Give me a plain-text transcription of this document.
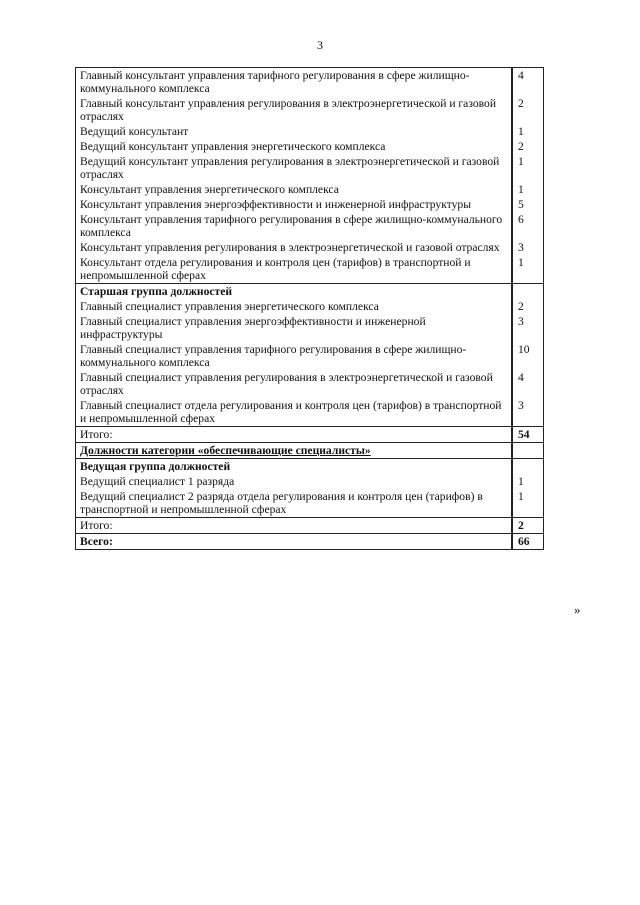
3
Главный консультант управления тарифного регулирования в сфере жилищно-коммунального комплекса	4
Главный консультант управления регулирования в электроэнергетической и газовой отраслях	2
Ведущий консультант	1
Ведущий консультант управления энергетического комплекса	2
Ведущий консультант управления регулирования в электроэнергетической и газовой отраслях	1
Консультант управления энергетического комплекса	1
Консультант управления энергоэффективности и инженерной инфраструктуры	5
Консультант управления тарифного регулирования в сфере жилищно-коммунального комплекса	6
Консультант управления регулирования в электроэнергетической и газовой отраслях	3
Консультант отдела регулирования и контроля цен (тарифов) в транспортной и непромышленной сферах	1
Старшая группа должностей	
Главный специалист управления энергетического комплекса	2
Главный специалист управления энергоэффективности и инженерной инфраструктуры	3
Главный специалист управления тарифного регулирования в сфере жилищно-коммунального комплекса	10
Главный специалист управления регулирования в электроэнергетической и газовой отраслях	4
Главный специалист отдела регулирования и контроля цен (тарифов) в транспортной и непромышленной сферах	3
Итого:	54
Должности категории «обеспечивающие специалисты»	
Ведущая группа должностей	
Ведущий специалист 1 разряда	1
Ведущий специалист 2 разряда отдела регулирования и контроля цен (тарифов) в транспортной и непромышленной сферах	1
Итого:	2
Всего:	66
»
